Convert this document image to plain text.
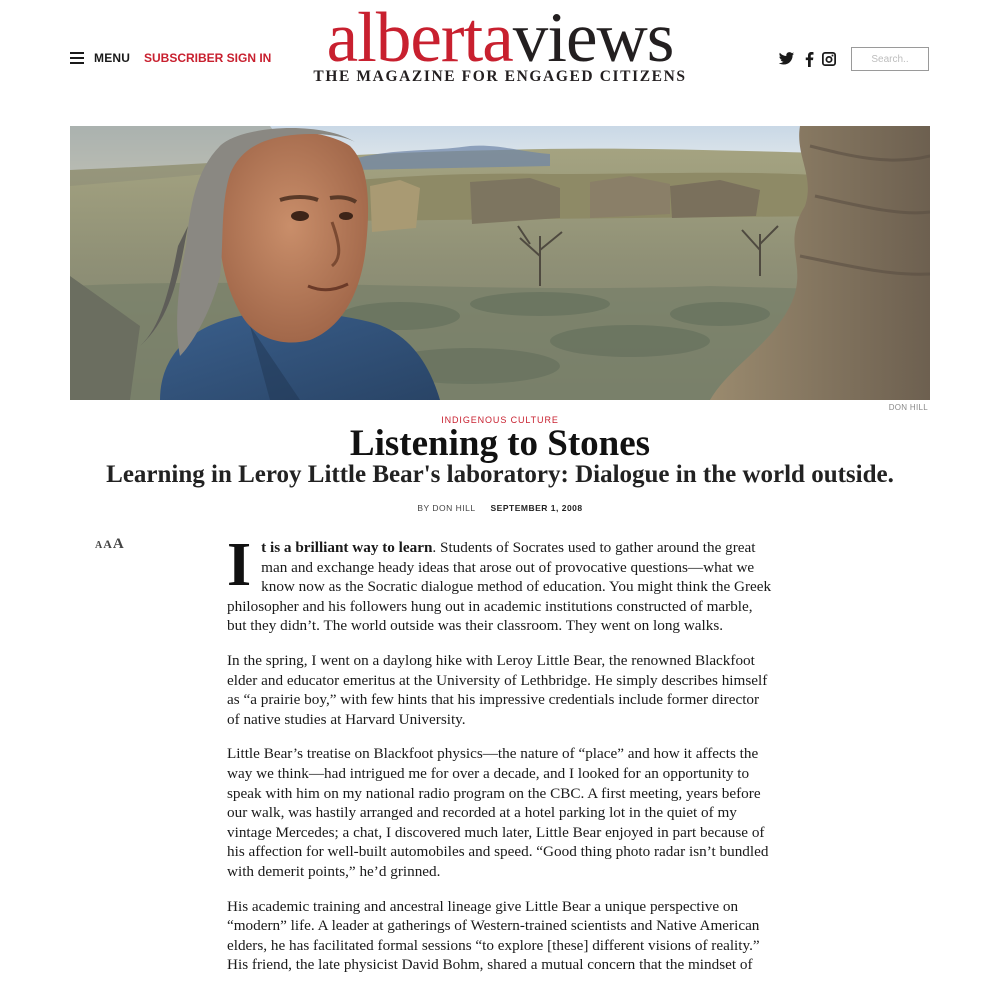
MENU SUBSCRIBER SIGN IN albertaviews
THE MAGAZINE FOR ENGAGED CITIZENS
Search..
DON HILL
INDIGENOUS CULTURE
Listening to Stones
Learning in Leroy Little Bear's laboratory: Dialogue in the world outside.
BY DON HILL SEPTEMBER 1, 2008
A A A It is a brilliant way to learn. Students of Socrates used to gather around the great man and exchange heady ideas that arose out of provocative questions—what we know now as the Socratic dialogue method of education. You might think the Greek philosopher and his followers hung out in academic institutions constructed of marble, but they didn’t. The world outside was their classroom. They went on long walks.

In the spring, I went on a daylong hike with Leroy Little Bear, the renowned Blackfoot elder and educator emeritus at the University of Lethbridge. He simply describes himself as “a prairie boy,” with few hints that his impressive credentials include former director of native studies at Harvard University.

Little Bear’s treatise on Blackfoot physics—the nature of “place” and how it affects the way we think—had intrigued me for over a decade, and I looked for an opportunity to speak with him on my national radio program on the CBC. A first meeting, years before our walk, was hastily arranged and recorded at a hotel parking lot in the quiet of my vintage Mercedes; a chat, I discovered much later, Little Bear enjoyed in part because of his affection for well-built automobiles and speed. “Good thing photo radar isn’t bundled with demerit points,” he’d grinned.

His academic training and ancestral lineage give Little Bear a unique perspective on “modern” life. A leader at gatherings of Western-trained scientists and Native American elders, he has facilitated formal sessions “to explore [these] different visions of reality.” His friend, the late physicist David Bohm, shared a mutual concern that the mindset of
